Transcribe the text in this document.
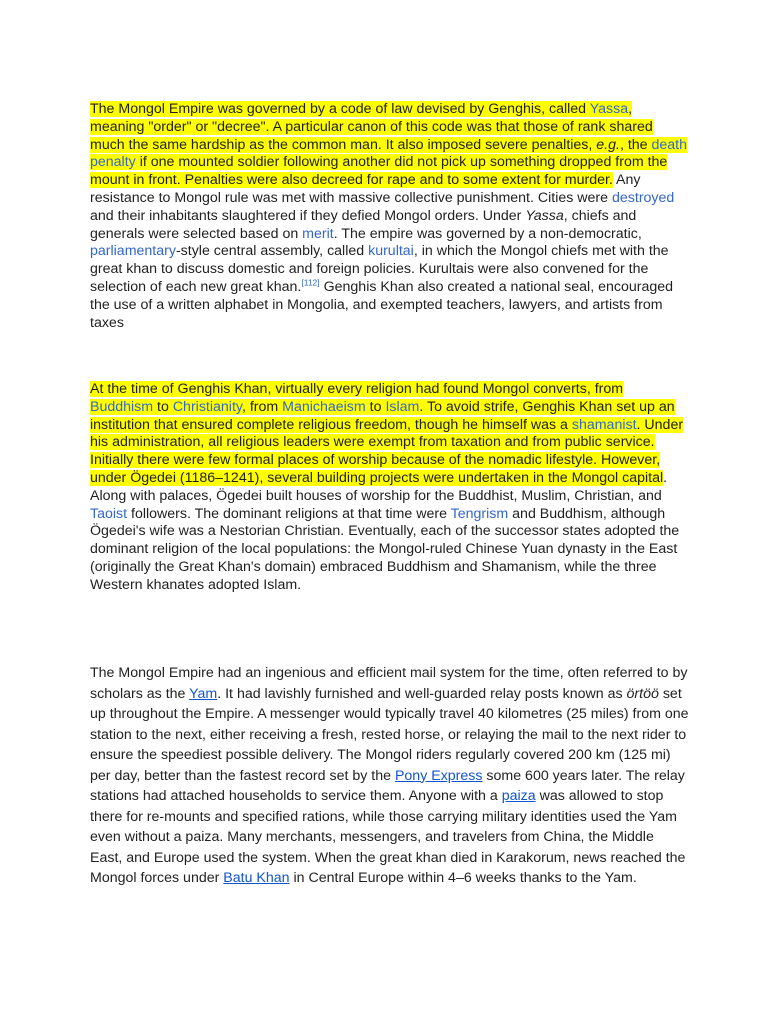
The Mongol Empire was governed by a code of law devised by Genghis, called Yassa, meaning "order" or "decree". A particular canon of this code was that those of rank shared much the same hardship as the common man. It also imposed severe penalties, e.g., the death penalty if one mounted soldier following another did not pick up something dropped from the mount in front. Penalties were also decreed for rape and to some extent for murder. Any resistance to Mongol rule was met with massive collective punishment. Cities were destroyed and their inhabitants slaughtered if they defied Mongol orders. Under Yassa, chiefs and generals were selected based on merit. The empire was governed by a non-democratic, parliamentary-style central assembly, called kurultai, in which the Mongol chiefs met with the great khan to discuss domestic and foreign policies. Kurultais were also convened for the selection of each new great khan.[112] Genghis Khan also created a national seal, encouraged the use of a written alphabet in Mongolia, and exempted teachers, lawyers, and artists from taxes

At the time of Genghis Khan, virtually every religion had found Mongol converts, from Buddhism to Christianity, from Manichaeism to Islam. To avoid strife, Genghis Khan set up an institution that ensured complete religious freedom, though he himself was a shamanist. Under his administration, all religious leaders were exempt from taxation and from public service. Initially there were few formal places of worship because of the nomadic lifestyle. However, under Ögedei (1186–1241), several building projects were undertaken in the Mongol capital. Along with palaces, Ögedei built houses of worship for the Buddhist, Muslim, Christian, and Taoist followers. The dominant religions at that time were Tengrism and Buddhism, although Ögedei's wife was a Nestorian Christian. Eventually, each of the successor states adopted the dominant religion of the local populations: the Mongol-ruled Chinese Yuan dynasty in the East (originally the Great Khan's domain) embraced Buddhism and Shamanism, while the three Western khanates adopted Islam.

The Mongol Empire had an ingenious and efficient mail system for the time, often referred to by scholars as the Yam. It had lavishly furnished and well-guarded relay posts known as örtöö set up throughout the Empire. A messenger would typically travel 40 kilometres (25 miles) from one station to the next, either receiving a fresh, rested horse, or relaying the mail to the next rider to ensure the speediest possible delivery. The Mongol riders regularly covered 200 km (125 mi) per day, better than the fastest record set by the Pony Express some 600 years later. The relay stations had attached households to service them. Anyone with a paiza was allowed to stop there for re-mounts and specified rations, while those carrying military identities used the Yam even without a paiza. Many merchants, messengers, and travelers from China, the Middle East, and Europe used the system. When the great khan died in Karakorum, news reached the Mongol forces under Batu Khan in Central Europe within 4–6 weeks thanks to the Yam.
